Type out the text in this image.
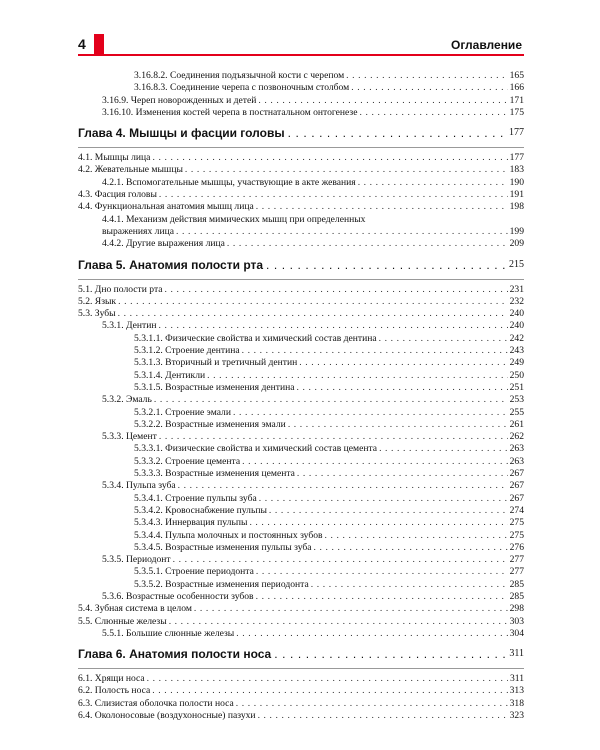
4	Оглавление
3.16.8.2. Соединения подъязычной кости с черепом . . .	165
3.16.8.3. Соединение черепа с позвоночным столбом . . .	166
3.16.9. Череп новорожденных и детей . . .	171
3.16.10. Изменения костей черепа в постнатальном онтогенезе . . .	175
Глава 4. Мышцы и фасции головы . . .	177
4.1. Мышцы лица . . .	177
4.2. Жевательные мышцы . . .	183
4.2.1. Вспомогательные мышцы, участвующие в акте жевания . . .	190
4.3. Фасция головы . . .	191
4.4. Функциональная анатомия мышц лица . . .	198
4.4.1. Механизм действия мимических мышц при определенных
выражениях лица . . .	199
4.4.2. Другие выражения лица . . .	209
Глава 5. Анатомия полости рта . . .	215
5.1. Дно полости рта . . .	231
5.2. Язык . . .	232
5.3. Зубы . . .	240
5.3.1. Дентин . . .	240
5.3.1.1. Физические свойства и химический состав дентина . . .	242
5.3.1.2. Строение дентина . . .	243
5.3.1.3. Вторичный и третичный дентин . . .	249
5.3.1.4. Дентикли . . .	250
5.3.1.5. Возрастные изменения дентина . . .	251
5.3.2. Эмаль . . .	253
5.3.2.1. Строение эмали . . .	255
5.3.2.2. Возрастные изменения эмали . . .	261
5.3.3. Цемент . . .	262
5.3.3.1. Физические свойства и химический состав цемента . . .	263
5.3.3.2. Строение цемента . . .	263
5.3.3.3. Возрастные изменения цемента . . .	267
5.3.4. Пульпа зуба . . .	267
5.3.4.1. Строение пульпы зуба . . .	267
5.3.4.2. Кровоснабжение пульпы . . .	274
5.3.4.3. Иннервация пульпы . . .	275
5.3.4.4. Пульпа молочных и постоянных зубов . . .	275
5.3.4.5. Возрастные изменения пульпы зуба . . .	276
5.3.5. Периодонт . . .	277
5.3.5.1. Строение периодонта . . .	277
5.3.5.2. Возрастные изменения периодонта . . .	285
5.3.6. Возрастные особенности зубов . . .	285
5.4. Зубная система в целом . . .	298
5.5. Слюнные железы . . .	303
5.5.1. Большие слюнные железы . . .	304
Глава 6. Анатомия полости носа . . .	311
6.1. Хрящи носа . . .	311
6.2. Полость носа . . .	313
6.3. Слизистая оболочка полости носа . . .	318
6.4. Околоносовые (воздухоносные) пазухи . . .	323
